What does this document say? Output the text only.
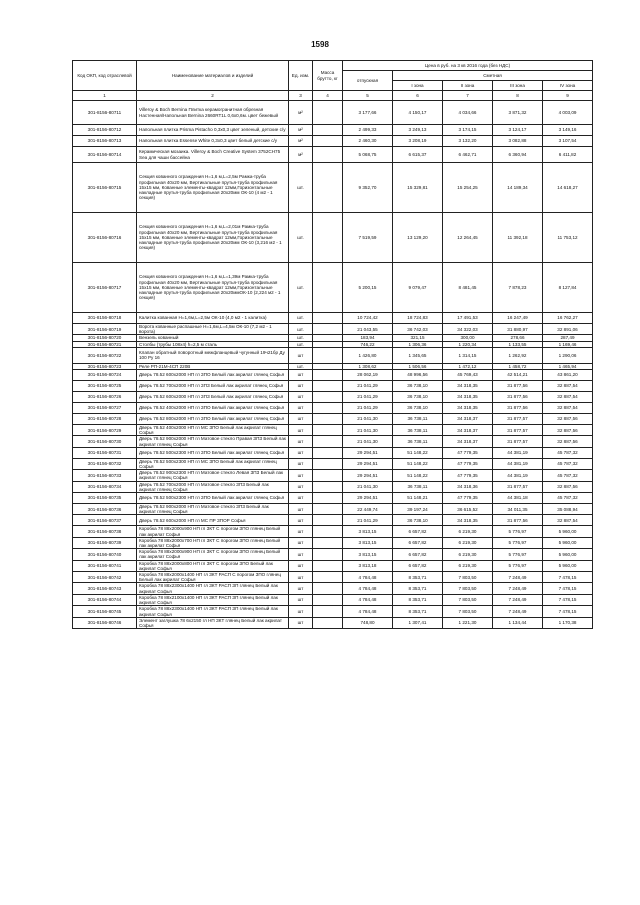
1598
Код ОКП, код отраслевой	Наименование материалов и изделий	Ед. изм.	Масса брутто, кг	Цена в руб. на 3 кв 2016 года (без НДС)				
				отпускная	Сметная			
					I зона	II зона	III зона	IV зона
1	2	3	4	5	6	7	8	9
301-8156-80711	Villeroy & Boch Bernina Плитка керамогранитная обрезная Настенная/Напольная Bernina 2660RT1L 0,6x0,6м. цвет бежевый	м²		3 177,66	4 150,17	4 034,66	3 871,32	4 003,09
301-8156-80712	Напольная плитка Prisma Pistacho 0,3x0,3 цвет зеленый, детские с/у	м²		2 499,33	3 249,13	3 174,15	3 124,17	3 149,16
301-8156-80713	Напольная плитка Essense White 0,3x0,3 цвет белый детские с/у	м²		2 460,30	3 208,19	3 132,20	3 082,88	3 107,54
301-8156-80714	Керамическая мозаика. Villeroy & Boch Creative System 3752CH75 Sea для чаши бассейна	м²		5 068,75	6 615,37	6 462,71	6 360,94	6 411,82
301-8156-80715	Секция кованного ограждения Н=1,6 м,L=2,5м Рамка-труба профильная 40x20 мм, Вертикальные прутья-труба профильная 15x15 мм, Кованные элементы-квадрат 12мм,Горизонтальные накладные прутья-труба профильная 20x20мм ОК-10 (4 м2 - 1 секция)	шт.		9 352,70	15 329,81	15 254,25	14 189,34	14 618,27
301-8156-80716	Секция кованного ограждения Н=1,6 м,L=2,01м Рамка-труба профильная 40x20 мм, Вертикальные прутья-труба профильная 15x15 мм, Кованные элементы-квадрат 12мм,Горизонтальные накладные прутья-труба профильная 20x20мм ОК-10 (3,216 м2 - 1 секция)	шт.		7 519,59	13 129,20	12 264,45	11 392,18	11 753,12
301-8156-80717	Секция кованного ограждения Н=1,6 м,L=1,39м Рамка-труба профильная 40x20 мм, Вертикальные прутья-труба профильная 15x15 мм, Кованные элементы-квадрат 12мм,Горизонтальные накладные прутья-труба профильная 20x20ммОК-10 (2,224 м2 - 1 секция)	шт.		5 200,15	9 079,47	8 481,45	7 878,23	8 127,84
301-8156-80718	Калитка кованная Н=1,6м,L=2,5м ОК-10 (4,0 м2 - 1 калитка)	шт.		10 724,42	18 724,83	17 491,53	16 247,49	16 762,27
301-8156-80719	Ворота кованные распашные Н=1,6м,L=4,5м ОК-10 (7,2 м2 - 1 ворота)	шт.		21 043,55	36 742,03	34 322,03	31 880,97	32 891,06
301-8156-80720	Вензель кованный	шт.		183,94	321,15	300,00	278,66	287,49
301-8156-80721	Столбы (трубы 108x4) h=2,5 м сталь	шт.		746,22	1 306,36	1 220,34	1 133,55	1 169,46
301-8156-80722	Клапан обратный поворотный межфланцевый чугунный 19ч21бр Ду 100 Ру 16	шт		1 426,80	1 345,65	1 314,15	1 262,92	1 290,06
301-8156-80723	Реле РП-21М-4СП 220В	шт.		1 308,62	1 506,56	1 472,12	1 458,72	1 465,94
301-8156-80724	Дверь 78.52 600x2000 НП гл ЗПО Белый лак акрилат глянец Софья	шт		28 062,19	48 996,56	45 769,43	42 514,21	43 861,20
301-8156-80725	Дверь 78.52 700x2000 НП гл ЗПЗ Белый лак акрилат глянец Софья	шт		21 041,29	36 738,10	34 318,35	31 877,56	32 887,54
301-8156-80726	Дверь 78.52 600x2000 НП гл ЗПЗ Белый лак акрилат глянец Софья	шт		21 041,29	36 738,10	34 318,35	31 877,56	32 887,54
301-8156-80727	Дверь 78.52 400x2000 НП гл ЗПО Белый лак акрилат глянец Софья	шт		21 041,29	36 738,10	34 318,35	31 877,56	32 887,54
301-8156-80728	Дверь 78.52 800x2000 НП гл ЗПО Белый лак акрилат глянец Софья	шт		21 041,30	36 738,11	34 318,37	31 877,57	32 887,56
301-8156-80729	Дверь 78.52 400x2000 НП гл МС ЗПО Белый лак акрилат глянец Софья	шт		21 041,30	36 738,11	34 318,37	31 877,57	32 887,56
301-8156-80730	Дверь 78.52 900x2000 НП гл Матовое стекло Правая ЗПЗ Белый лак акрилат глянец Софья	шт		21 041,30	36 738,11	34 318,37	31 877,57	32 887,56
301-8156-80731	Дверь 78.52 500x2300 НП гл ЗПО Белый лак акрилат глянец Софья	шт		29 294,51	51 148,22	47 779,35	44 381,19	45 787,32
301-8156-80732	Дверь 78.52 500x2300 НП гл МС ЗПО Белый лак акрилат глянец Софья	шт		29 294,51	51 148,22	47 779,35	44 381,19	45 787,32
301-8156-80733	Дверь 78.52 900x2300 НП гл Матовое стекло Левая ЗПЗ Белый лак акрилат глянец Софья	шт		29 294,51	51 148,22	47 779,35	44 381,19	45 787,32
301-8156-80734	Дверь 78.52 700x2000 НП гл Матовое стекло ЗПЗ Белый лак акрилат глянец Софья	шт		21 041,30	36 738,11	34 318,36	31 877,57	32 887,56
301-8156-80735	Дверь 78.52 500x2300 НП гл ЗПО Белый лак акрилат глянец Софья	шт		29 294,51	51 148,21	47 779,35	44 381,18	45 787,32
301-8156-80736	Дверь 78.52 900x2000 НП гл Матовое стекло ЗПЗ Белый лак акрилат глянец Софья	шт		22 449,74	39 197,24	36 615,52	34 011,35	35 088,94
301-8156-80737	Дверь 78.52 600x2000 НП гл МС ПР ЗПОР Софья	шт		21 041,29	36 738,10	34 318,35	31 877,56	32 887,54
301-8156-80738	Коробка 78 88x2000x900 НП гл ЗКТ С порогом ЗПО глянец Белый лак акрилат Софья	шт		3 813,15	6 657,82	6 219,30	5 776,97	5 960,00
301-8156-80739	Коробка 78 88x2000x700 НП гл ЗКТ С порогом ЗПО глянец Белый лак акрилат Софья	шт		3 813,15	6 657,82	6 219,30	5 776,97	5 960,00
301-8156-80740	Коробка 78 88x2000x900 НП гл ЗКТ С порогом ЗПО глянец Белый лак акрилат Софья	шт		3 813,15	6 657,82	6 219,30	5 776,97	5 960,00
301-8156-80741	Коробка 78 88x2000x800 НП гл ЗКТ С порогом ЗПО Белый лак акрилат Софья	шт		3 813,18	6 657,82	6 219,30	5 776,97	5 960,00
301-8156-80742	Коробка 78 88x2000x1400 НП гл ЗКТ РАСП С порогом ЗПО глянец Белый лак акрилат Софья	шт		4 784,48	8 353,71	7 803,50	7 248,49	7 478,15
301-8156-80743	Коробка 78 88x2300x1400 НП гл ЗКТ РАСП ЗП глянец Белый лак акрилат Софья	шт		4 784,48	8 353,71	7 803,50	7 248,49	7 478,15
301-8156-80744	Коробка 78 88x2100x1400 НП гл ЗКТ РАСП ЗП глянец Белый лак акрилат Софья	шт		4 784,48	8 353,71	7 803,50	7 248,49	7 478,15
301-8156-80745	Коробка 78 88x2300x1400 НП гл ЗКТ РАСП ЗП глянец Белый лак акрилат Софья	шт		4 784,48	8 353,71	7 803,50	7 248,49	7 478,15
301-8156-80746	Элемент заглушка 78 6x2150 гл НП ЗКТ глянец Белый лак акрилат Софья	шт		748,80	1 307,41	1 221,30	1 134,44	1 170,38
